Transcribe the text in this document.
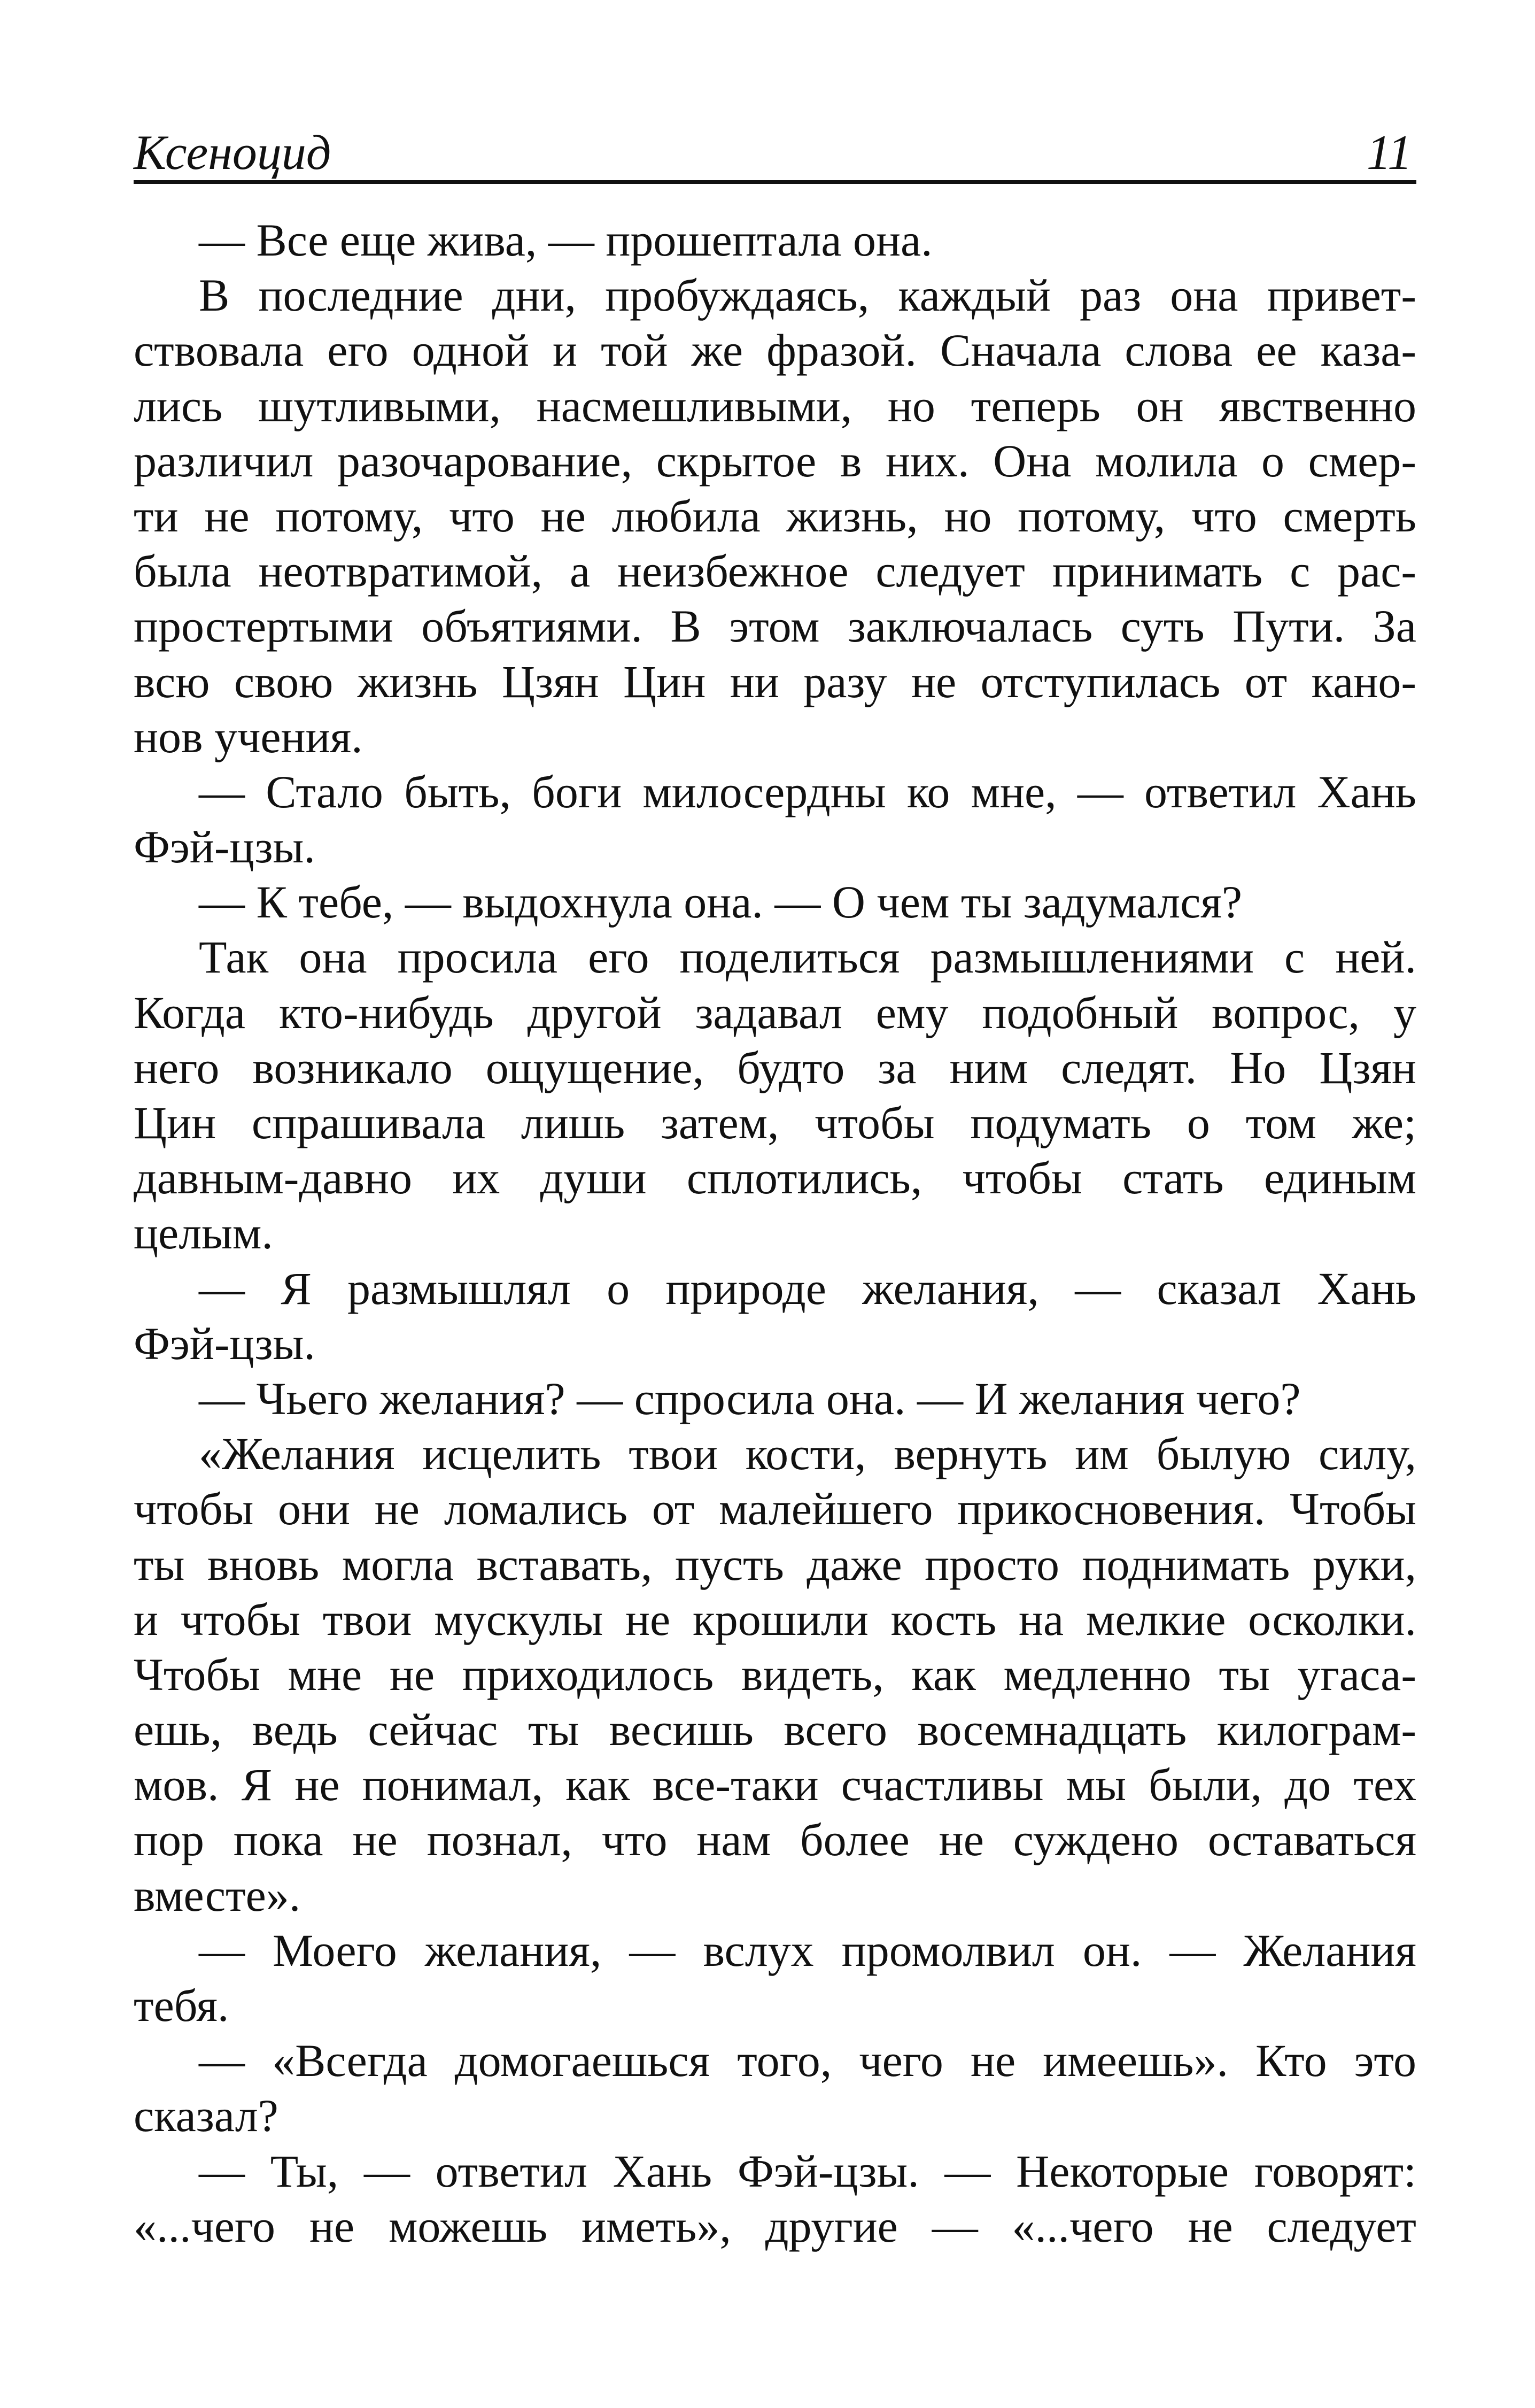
Ксеноцид	11
— Все еще жива, — прошептала она.
В последние дни, пробуждаясь, каждый раз она привет-
ствовала его одной и той же фразой. Сначала слова ее каза-
лись шутливыми, насмешливыми, но теперь он явственно
различил разочарование, скрытое в них. Она молила о смер-
ти не потому, что не любила жизнь, но потому, что смерть
была неотвратимой, а неизбежное следует принимать с рас-
простертыми объятиями. В этом заключалась суть Пути. За
всю свою жизнь Цзян Цин ни разу не отступилась от кано-
нов учения.
— Стало быть, боги милосердны ко мне, — ответил Хань
Фэй-цзы.
— К тебе, — выдохнула она. — О чем ты задумался?
Так она просила его поделиться размышлениями с ней.
Когда кто-нибудь другой задавал ему подобный вопрос, у
него возникало ощущение, будто за ним следят. Но Цзян
Цин спрашивала лишь затем, чтобы подумать о том же;
давным-давно их души сплотились, чтобы стать единым
целым.
— Я размышлял о природе желания, — сказал Хань
Фэй-цзы.
— Чьего желания? — спросила она. — И желания чего?
«Желания исцелить твои кости, вернуть им былую силу,
чтобы они не ломались от малейшего прикосновения. Чтобы
ты вновь могла вставать, пусть даже просто поднимать руки,
и чтобы твои мускулы не крошили кость на мелкие осколки.
Чтобы мне не приходилось видеть, как медленно ты угаса-
ешь, ведь сейчас ты весишь всего восемнадцать килограм-
мов. Я не понимал, как все-таки счастливы мы были, до тех
пор пока не познал, что нам более не суждено оставаться
вместе».
— Моего желания, — вслух промолвил он. — Желания
тебя.
— «Всегда домогаешься того, чего не имеешь». Кто это
сказал?
— Ты, — ответил Хань Фэй-цзы. — Некоторые говорят:
«...чего не можешь иметь», другие — «...чего не следует
